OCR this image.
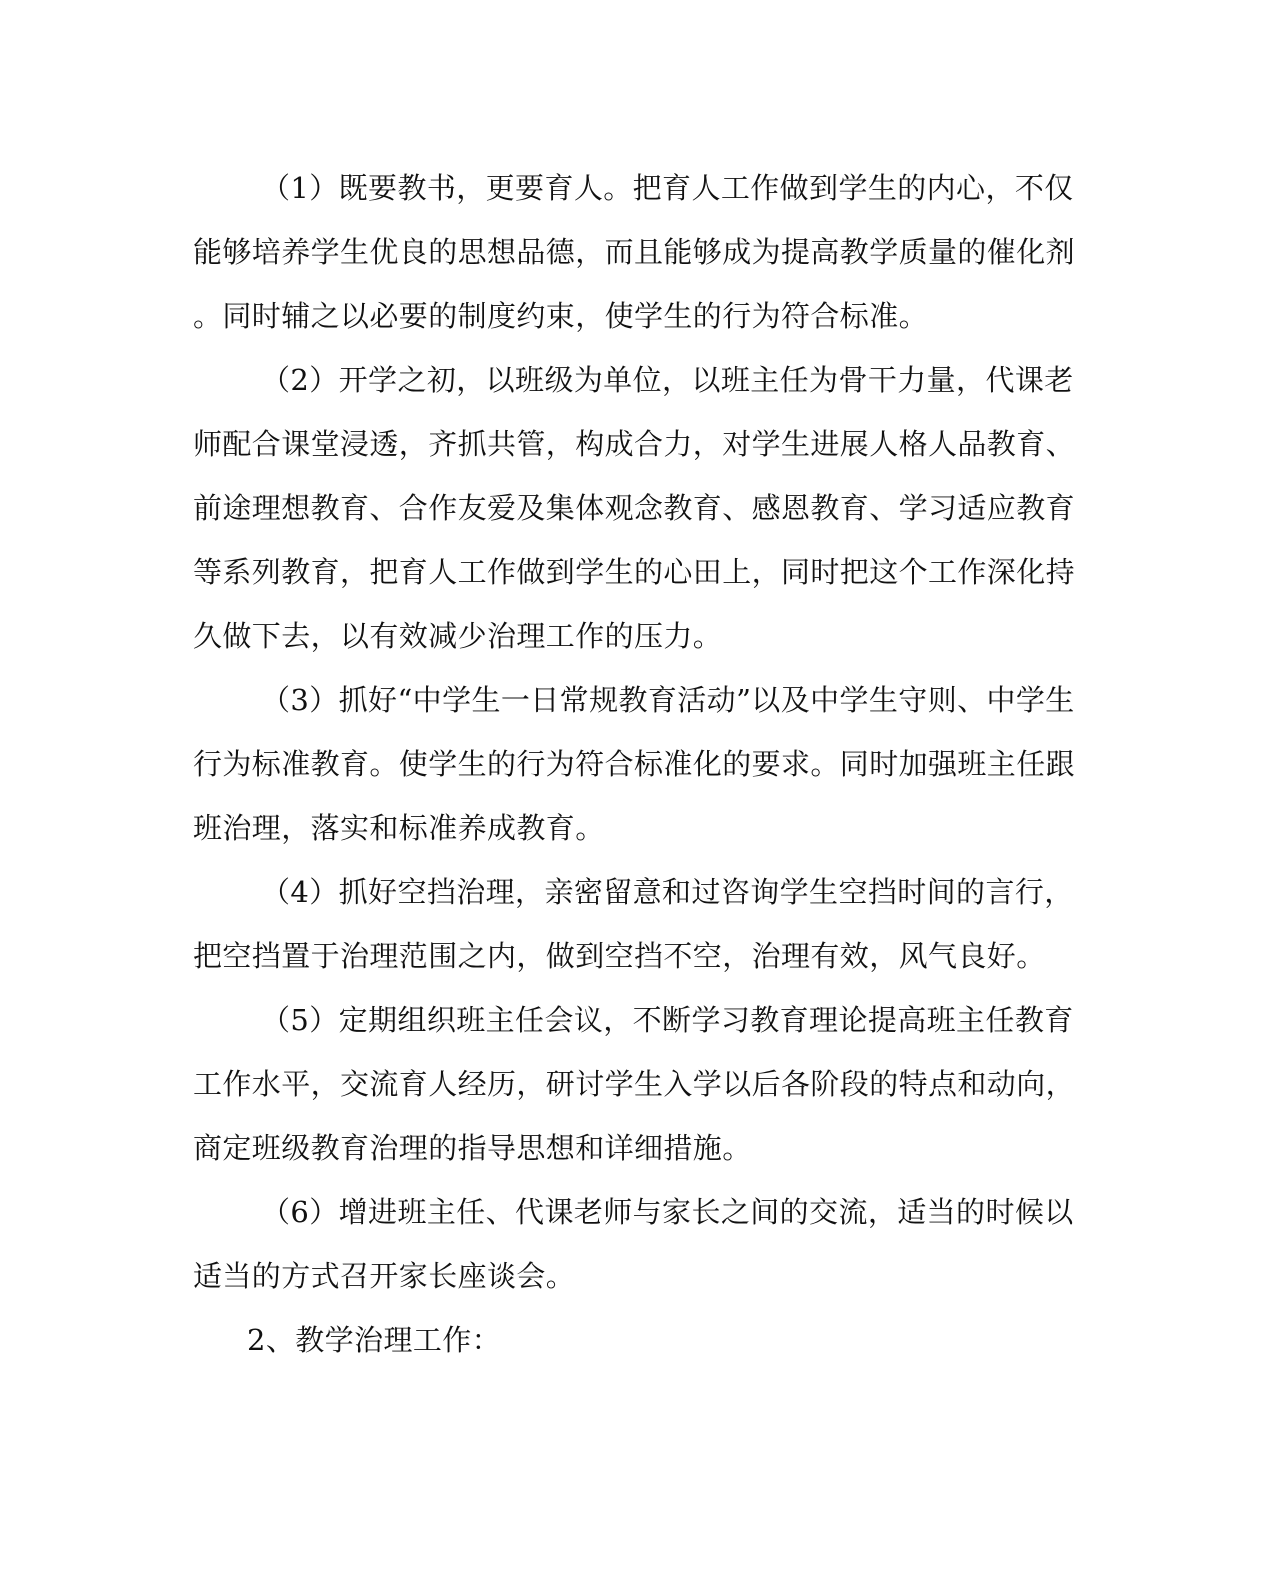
（1）既要教书，更要育人。把育人工作做到学生的内心，不仅
能够培养学生优良的思想品德，而且能够成为提高教学质量的催化剂
。同时辅之以必要的制度约束，使学生的行为符合标准。
（2）开学之初，以班级为单位，以班主任为骨干力量，代课老
师配合课堂浸透，齐抓共管，构成合力，对学生进展人格人品教育、
前途理想教育、合作友爱及集体观念教育、感恩教育、学习适应教育
等系列教育，把育人工作做到学生的心田上，同时把这个工作深化持
久做下去，以有效减少治理工作的压力。
（3）抓好“中学生一日常规教育活动”以及中学生守则、中学生
行为标准教育。使学生的行为符合标准化的要求。同时加强班主任跟
班治理，落实和标准养成教育。
（4）抓好空挡治理，亲密留意和过咨询学生空挡时间的言行，
把空挡置于治理范围之内，做到空挡不空，治理有效，风气良好。
（5）定期组织班主任会议，不断学习教育理论提高班主任教育
工作水平，交流育人经历，研讨学生入学以后各阶段的特点和动向，
商定班级教育治理的指导思想和详细措施。
（6）增进班主任、代课老师与家长之间的交流，适当的时候以
适当的方式召开家长座谈会。
2、教学治理工作：
